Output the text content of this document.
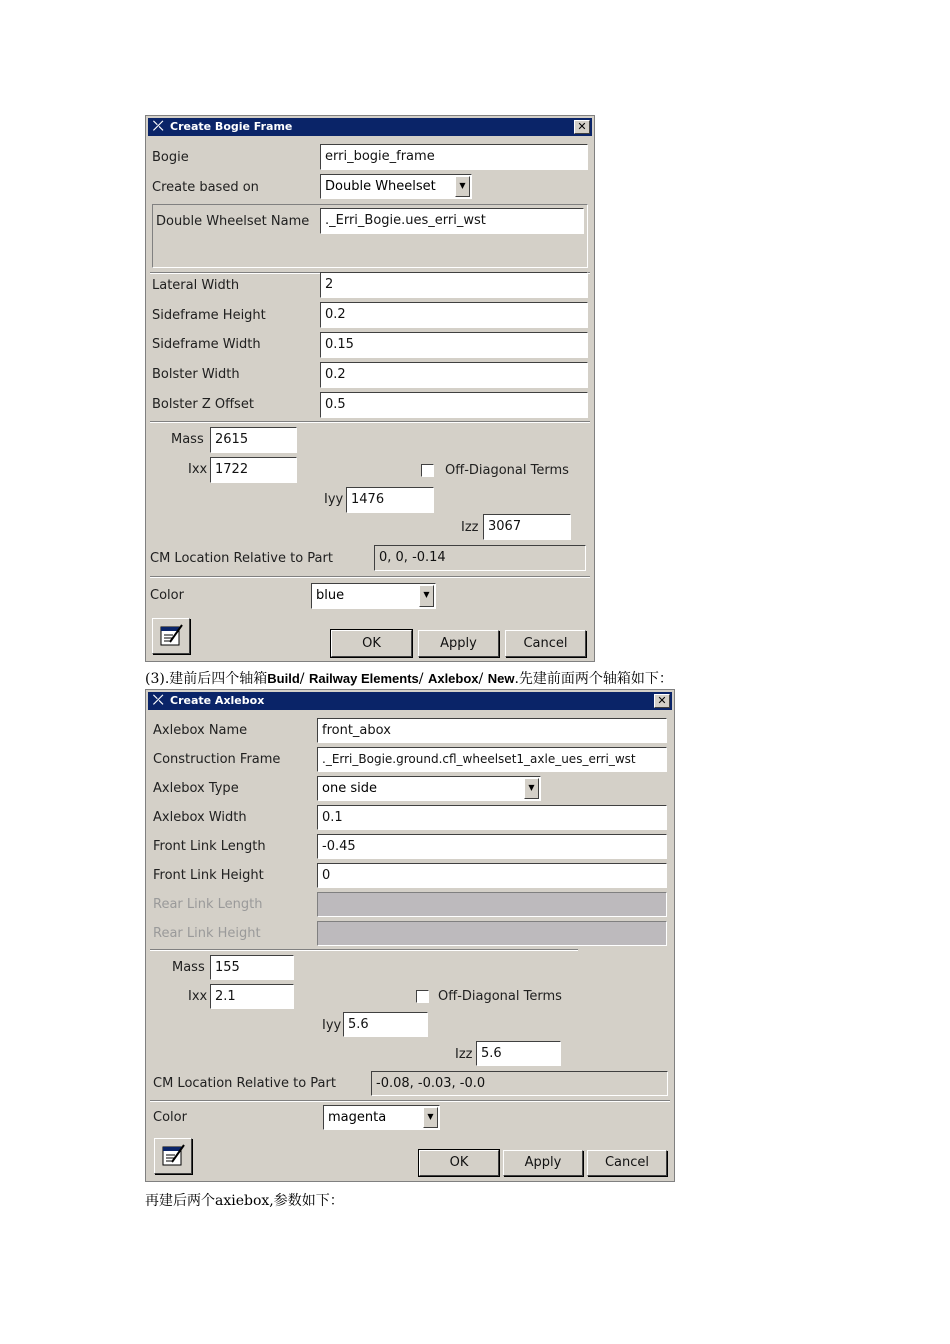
⤫ Create Bogie Frame	✕
Bogie	erri_bogie_frame
Create based on	Double Wheelset	▼
Double Wheelset Name	._Erri_Bogie.ues_erri_wst
Lateral Width	2
Sideframe Height	0.2
Sideframe Width	0.15
Bolster Width	0.2
Bolster Z Offset	0.5
Mass 2615
Ixx 1722	Off-Diagonal Terms
Iyy 1476
Izz 3067
CM Location Relative to Part	0, 0, -0.14
Color	blue	▼
OK	Apply	Cancel
(3).建前后四个轴箱Build/ Railway Elements/ Axlebox/ New.先建前面两个轴箱如下：
⤫ Create Axlebox	✕
Axlebox Name	front_abox
Construction Frame	._Erri_Bogie.ground.cfl_wheelset1_axle_ues_erri_wst
Axlebox Type	one side	▼
Axlebox Width	0.1
Front Link Length	-0.45
Front Link Height	0
Rear Link Length
Rear Link Height
Mass 155
Ixx 2.1	Off-Diagonal Terms
Iyy 5.6
Izz 5.6
CM Location Relative to Part	-0.08, -0.03, -0.0
Color	magenta	▼
OK	Apply	Cancel
再建后两个axiebox,参数如下：
